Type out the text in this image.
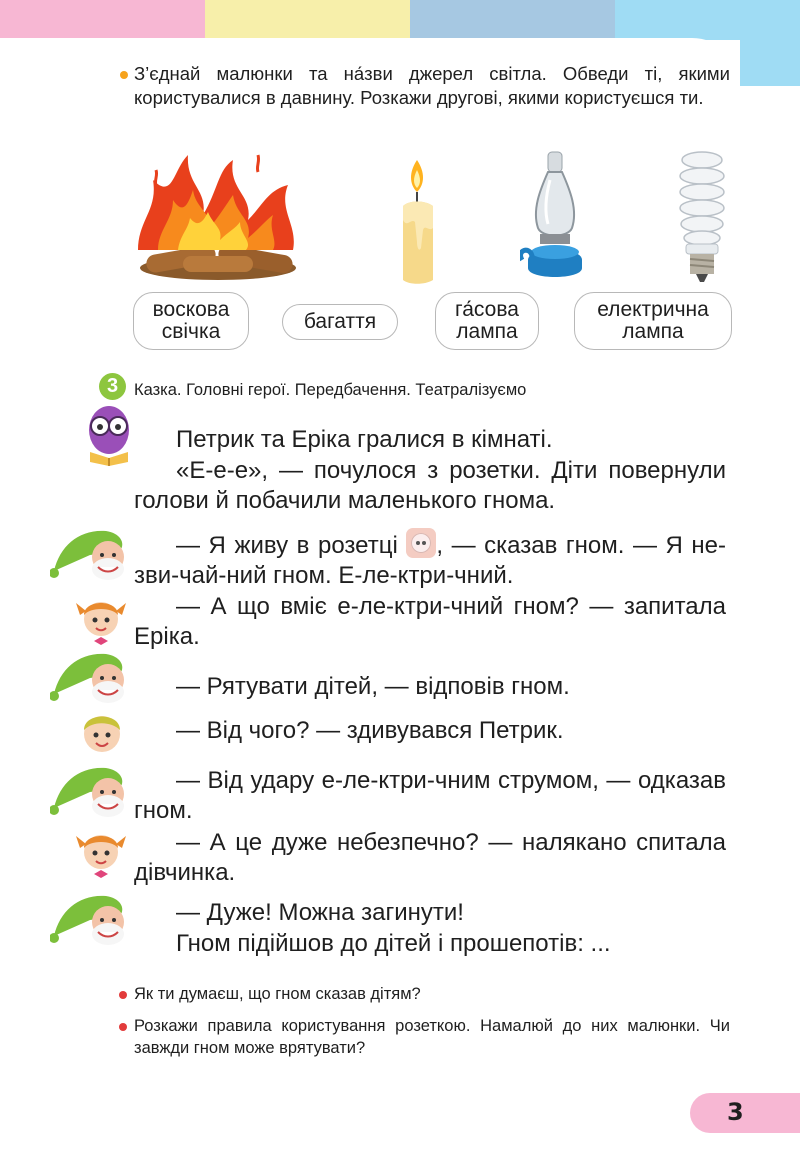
З’єднай малюнки та на́зви джерел світла. Обведи ті, якими користувалися в давнину. Розкажи другові, якими користуєшся ти.
воскова
свічка	багаття
га́сова
лампа
електрична
лампа
3 Казка. Головні герої. Передбачення. Театралізуємо
Петрик та Еріка гралися в кімнаті.
«Е-е-е», — почулося з розетки. Діти повернули голови й побачили маленького гнома.
— Я живу в розетці , — сказав гном. — Я не-зви-чай-ний гном. Е-ле-ктри-чний.
— А що вміє е-ле-ктри-чний гном? — запитала Еріка.
— Рятувати дітей, — відповів гном.
— Від чого? — здивувався Петрик.
— Від удару е-ле-ктри-чним струмом, — одказав гном.
— А це дуже небезпечно? — налякано спитала дівчинка.
— Дуже! Можна загинути!
Гном підійшов до дітей і прошепотів: ...
Як ти думаєш, що гном сказав дітям?
Розкажи правила користування розеткою. Намалюй до них малюнки. Чи завжди гном може врятувати?
3
